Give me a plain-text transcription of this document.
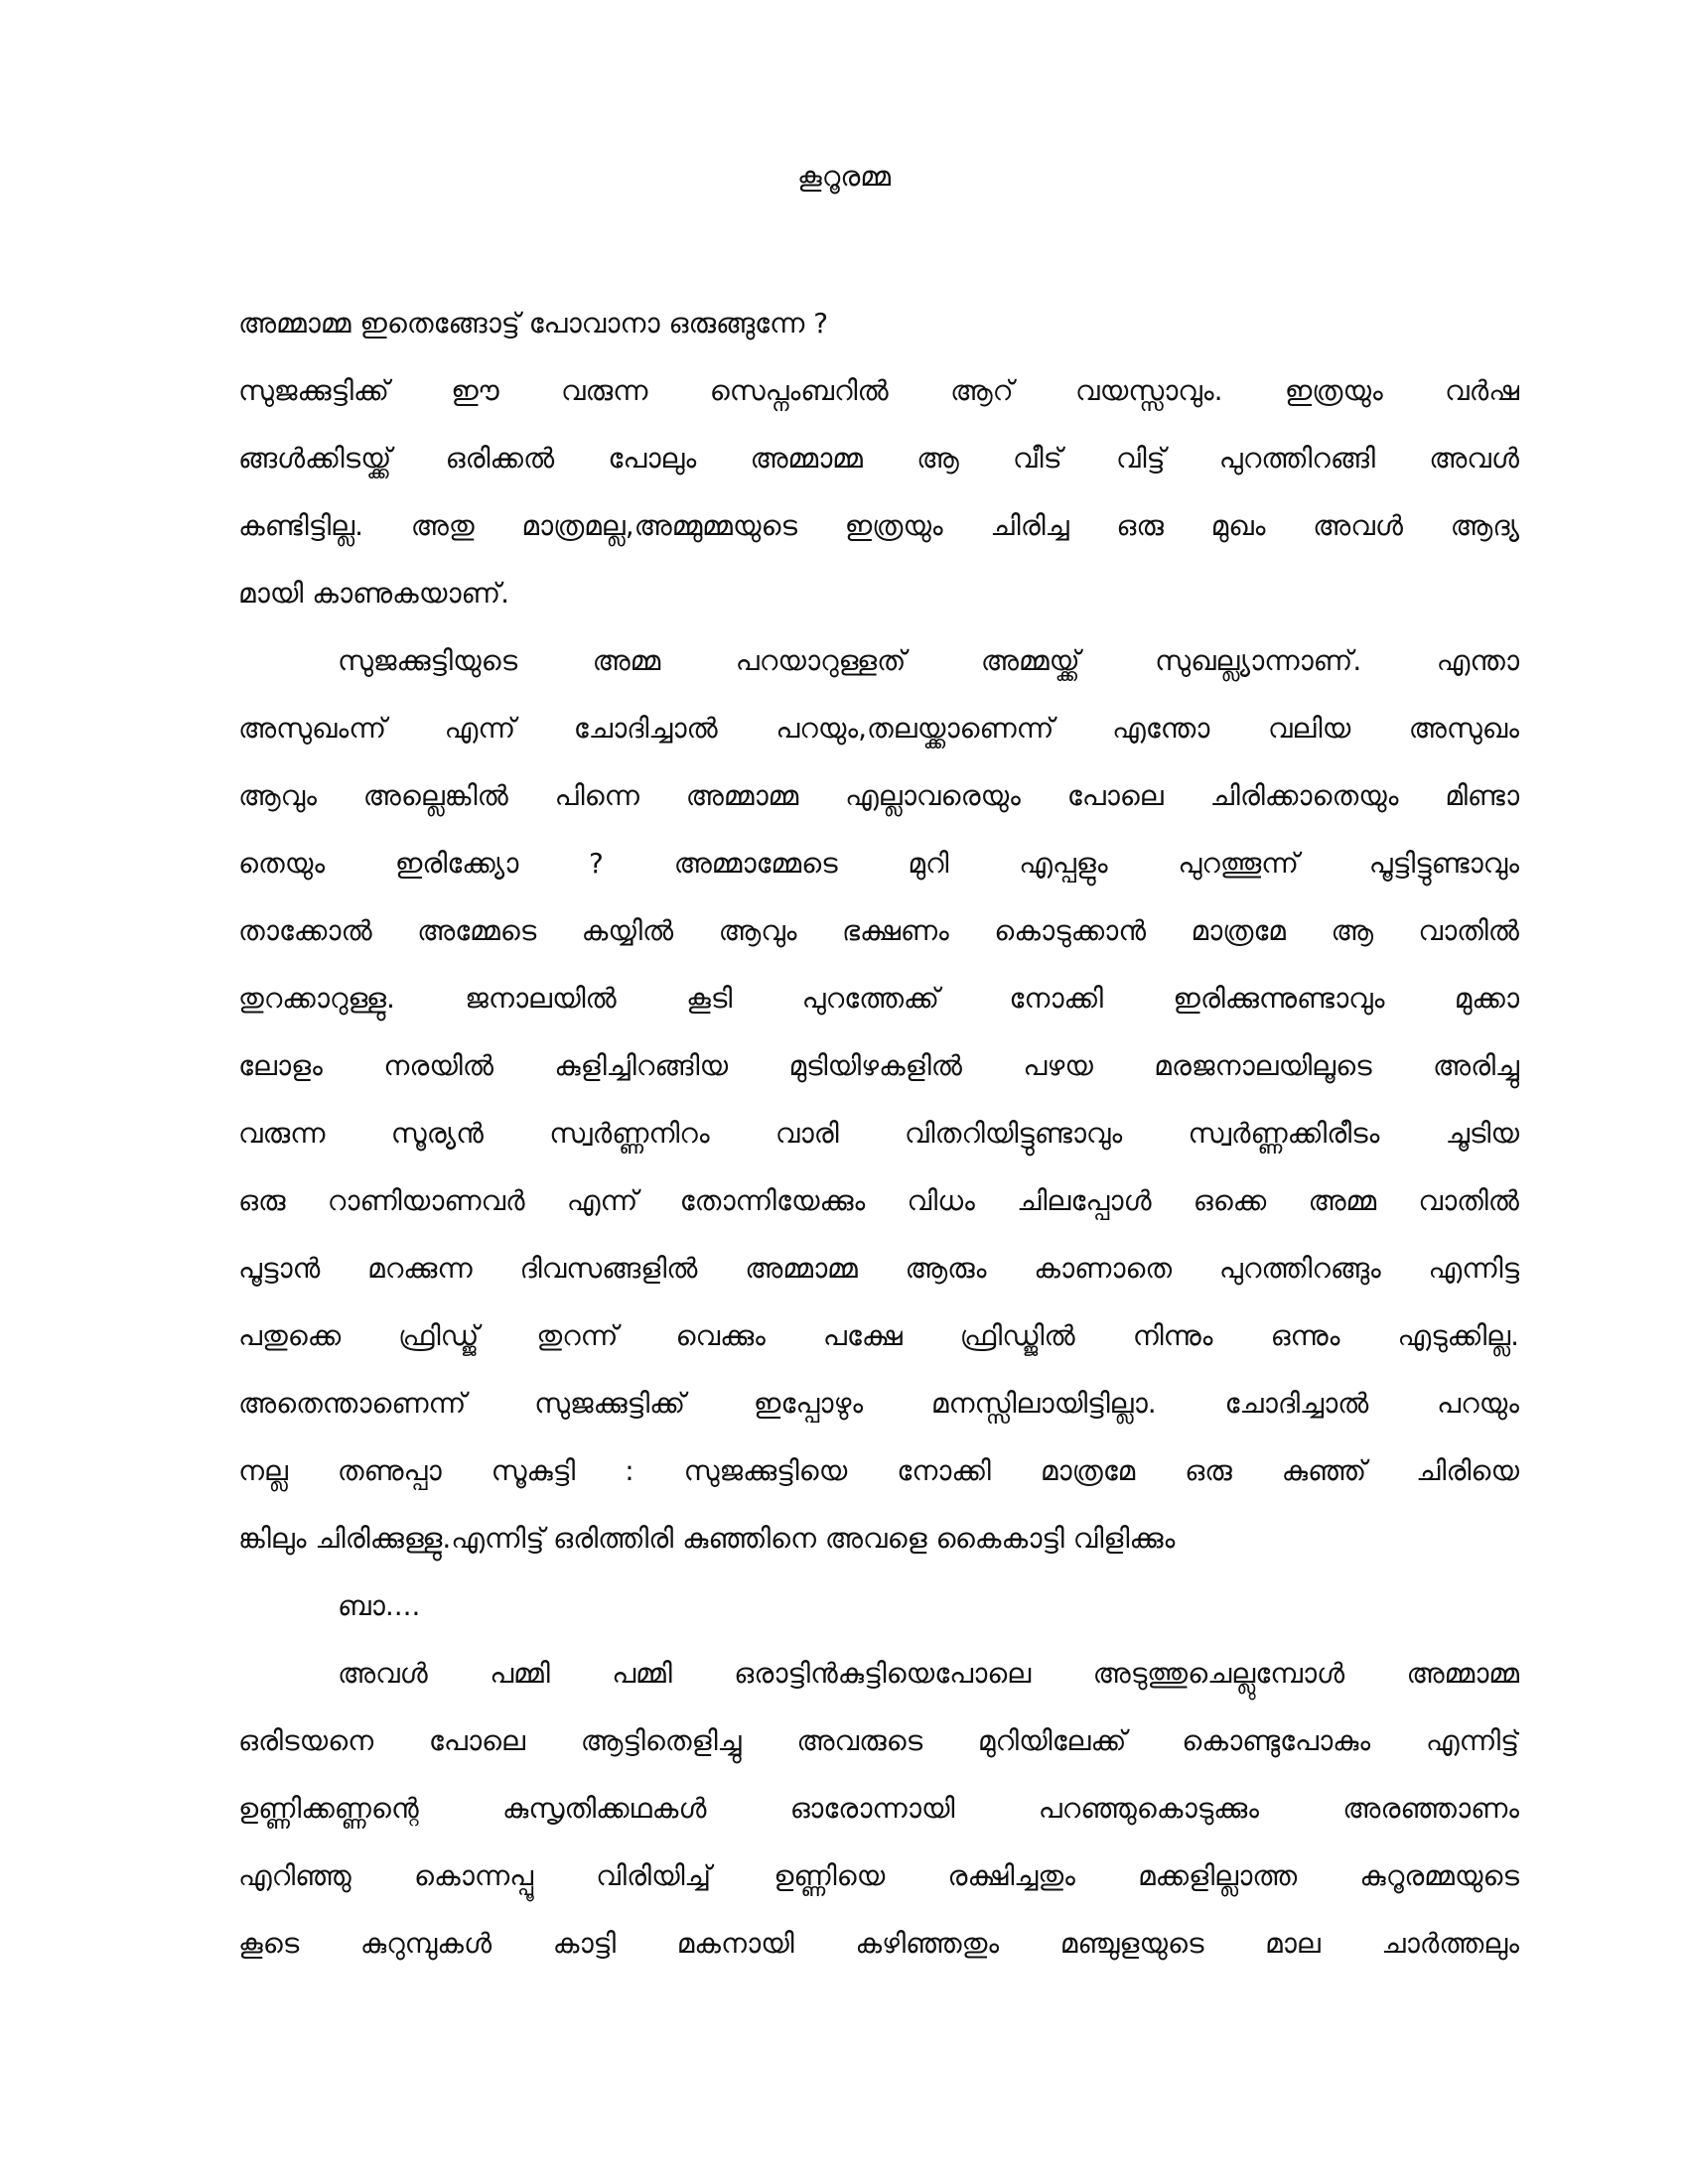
കൂറൂരമ്മ
അമ്മാമ്മ ഇതെങ്ങോട്ട് പോവാനാ ഒരുങ്ങുന്നേ ?
സുജക്കുട്ടിക്ക് ഈ വരുന്ന സെപ്നംബറിൽ ആറ് വയസ്സാവും. ഇത്രയും വർഷ
ങ്ങൾക്കിടയ്ക്ക് ഒരിക്കൽ പോലും അമ്മാമ്മ ആ വീട് വിട്ട് പുറത്തിറങ്ങി അവൾ
കണ്ടിട്ടില്ല. അതു മാത്രമല്ല,അമ്മുമ്മയുടെ ഇത്രയും ചിരിച്ച ഒരു മുഖം അവൾ ആദ്യ
മായി കാണുകയാണ്.
സുജക്കുട്ടിയുടെ അമ്മ പറയാറുള്ളത് അമ്മയ്ക്ക് സുഖല്ല്യാന്നാണ്. എന്താ
അസുഖംന്ന് എന്ന് ചോദിച്ചാൽ പറയും,തലയ്ക്കാണെന്ന് എന്തോ വലിയ അസുഖം
ആവും അല്ലെങ്കിൽ പിന്നെ അമ്മാമ്മ എല്ലാവരെയും പോലെ ചിരിക്കാതെയും മിണ്ടാ
തെയും ഇരിക്ക്യോ ? അമ്മാമ്മേടെ മുറി എപ്പളും പുറത്തൂന്ന് പൂട്ടിട്ടുണ്ടാവും
താക്കോൽ അമ്മേടെ കയ്യിൽ ആവും ഭക്ഷണം കൊടുക്കാൻ മാത്രമേ ആ വാതിൽ
തുറക്കാറുള്ളു. ജനാലയിൽ കൂടി പുറത്തേക്ക് നോക്കി ഇരിക്കുന്നുണ്ടാവും മുക്കാ
ലോളം നരയിൽ കുളിച്ചിറങ്ങിയ മുടിയിഴകളിൽ പഴയ മരജനാലയിലൂടെ അരിച്ചു
വരുന്ന സൂര്യൻ സ്വർണ്ണനിറം വാരി വിതറിയിട്ടുണ്ടാവും സ്വർണ്ണക്കിരീടം ചൂടിയ
ഒരു റാണിയാണവർ എന്ന് തോന്നിയേക്കും വിധം ചിലപ്പോൾ ഒക്കെ അമ്മ വാതിൽ
പൂട്ടാൻ മറക്കുന്ന ദിവസങ്ങളിൽ അമ്മാമ്മ ആരും കാണാതെ പുറത്തിറങ്ങും എന്നിട്ട
പതുക്കെ ഫ്രിഡ്ജ് തുറന്ന് വെക്കും പക്ഷേ ഫ്രിഡ്ജിൽ നിന്നും ഒന്നും എടുക്കില്ല.
അതെന്താണെന്ന് സുജക്കുട്ടിക്ക് ഇപ്പോഴും മനസ്സിലായിട്ടില്ലാ. ചോദിച്ചാൽ പറയും
നല്ല തണുപ്പാ സൂകുട്ടി : സുജക്കുട്ടിയെ നോക്കി മാത്രമേ ഒരു കുഞ്ഞ് ചിരിയെ
ങ്കിലും ചിരിക്കുള്ളു.എന്നിട്ട് ഒരിത്തിരി കുഞ്ഞിനെ അവളെ കൈകാട്ടി വിളിക്കും
ബാ....
അവൾ പമ്മി പമ്മി ഒരാട്ടിൻകുട്ടിയെപോലെ അടുത്തുചെല്ലുമ്പോൾ അമ്മാമ്മ
ഒരിടയനെ പോലെ ആട്ടിതെളിച്ചു അവരുടെ മുറിയിലേക്ക് കൊണ്ടുപോകും എന്നിട്ട്
ഉണ്ണിക്കണ്ണന്റെ കുസൃതിക്കഥകൾ ഓരോന്നായി പറഞ്ഞുകൊടുക്കും അരഞ്ഞാണം
എറിഞ്ഞു കൊന്നപ്പൂ വിരിയിച്ച് ഉണ്ണിയെ രക്ഷിച്ചതും മക്കളില്ലാത്ത കുറൂരമ്മയുടെ
കൂടെ കുറുമ്പുകൾ കാട്ടി മകനായി കഴിഞ്ഞതും മഞ്ചുളയുടെ മാല ചാർത്തലും
